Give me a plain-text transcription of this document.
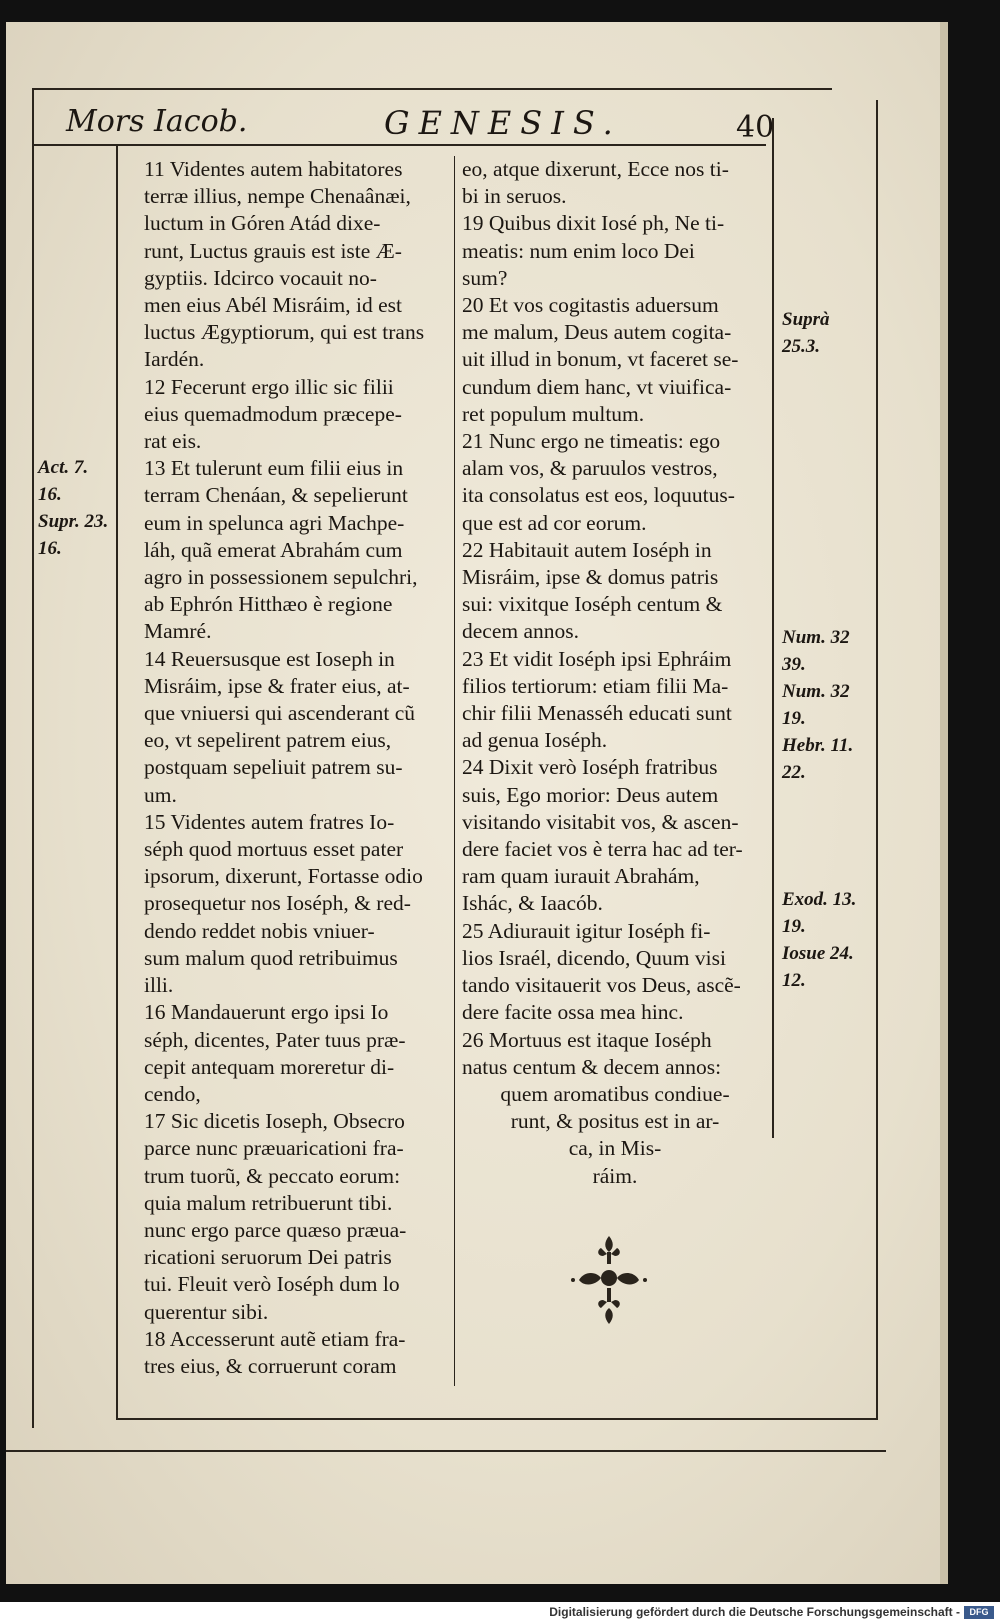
Mors Iacob.	GENESIS.	40

11 Videntes autem habitatores

terræ illius, nempe Chenaânæi,

luctum in Góren Atád dixe-

runt, Luctus grauis est iste Æ-

gyptiis. Idcirco vocauit no-

men eius Abél Misráim, id est

luctus Ægyptiorum, qui est trans

Iardén.

12 Fecerunt ergo illic sic filii

eius quemadmodum præcepe-

rat eis.

13 Et tulerunt eum filii eius in

terram Chenáan, & sepelierunt

eum in spelunca agri Machpe-

láh, quã emerat Abrahám cum

agro in possessionem sepulchri,

ab Ephrón Hitthæo è regione

Mamré.

14 Reuersusque est Ioseph in

Misráim, ipse & frater eius, at-

que vniuersi qui ascenderant cũ

eo, vt sepelirent patrem eius,

postquam sepeliuit patrem su-

um.

15 Videntes autem fratres Io-

séph quod mortuus esset pater

ipsorum, dixerunt, Fortasse odio

prosequetur nos Ioséph, & red-

dendo reddet nobis vniuer-

sum malum quod retribuimus

illi.

16 Mandauerunt ergo ipsi Io

séph, dicentes, Pater tuus præ-

cepit antequam moreretur di-

cendo,

17 Sic dicetis Ioseph, Obsecro

parce nunc præuaricationi fra-

trum tuorũ, & peccato eorum:

quia malum retribuerunt tibi.

nunc ergo parce quæso præua-

ricationi seruorum Dei patris

tui. Fleuit verò Ioséph dum lo

querentur sibi.

18 Accesserunt autẽ etiam fra-

tres eius, & corruerunt coram

eo, atque dixerunt, Ecce nos ti-

bi in seruos.

19 Quibus dixit Iosé ph, Ne ti-

meatis: num enim loco Dei

sum?

20 Et vos cogitastis aduersum

me malum, Deus autem cogita-

uit illud in bonum, vt faceret se-

cundum diem hanc, vt viuifica-

ret populum multum.

21 Nunc ergo ne timeatis: ego

alam vos, & paruulos vestros,

ita consolatus est eos, loquutus-

que est ad cor eorum.

22 Habitauit autem Ioséph in

Misráim, ipse & domus patris

sui: vixitque Ioséph centum &

decem annos.

23 Et vidit Ioséph ipsi Ephráim

filios tertiorum: etiam filii Ma-

chir filii Menasséh educati sunt

ad genua Ioséph.

24 Dixit verò Ioséph fratribus

suis, Ego morior: Deus autem

visitando visitabit vos, & ascen-

dere faciet vos è terra hac ad ter-

ram quam iurauit Abrahám,

Ishác, & Iaacób.

25 Adiurauit igitur Ioséph fi-

lios Israél, dicendo, Quum visi

tando visitauerit vos Deus, ascẽ-

dere facite ossa mea hinc.

26 Mortuus est itaque Ioséph

natus centum & decem annos:

quem aromatibus condiue-

runt, & positus est in ar-

ca, in Mis-

ráim.

Act. 7.

16.

Supr. 23.

16.

Suprà

25.3.

Num. 32

39.

Num. 32

19.

Hebr. 11.

22.

Exod. 13.

19.

Iosue 24.

12.

Digitalisierung gefördert durch die Deutsche Forschungsgemeinschaft -	DFG
